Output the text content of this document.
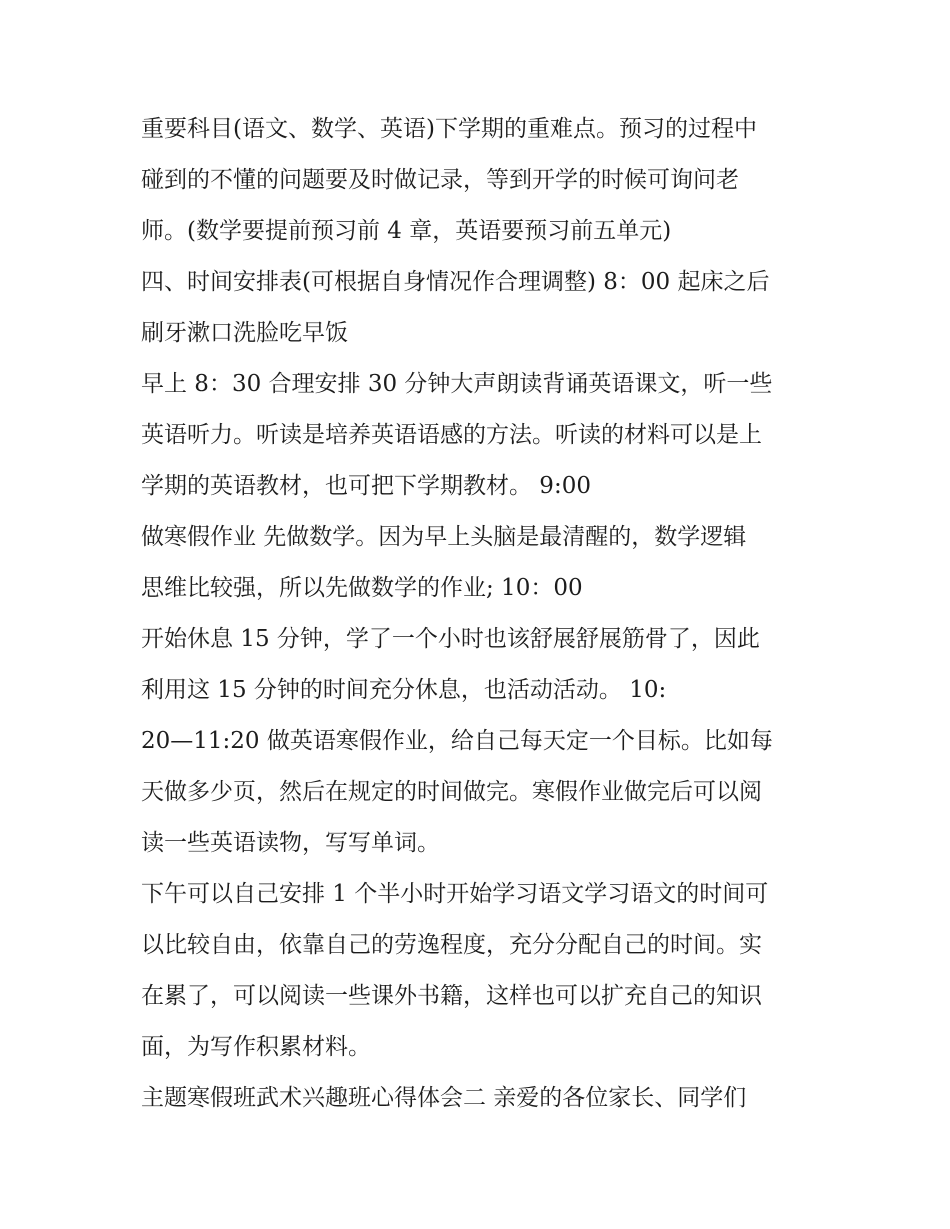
重要科目(语文、数学、英语)下学期的重难点。预习的过程中
碰到的不懂的问题要及时做记录，等到开学的时候可询问老
师。(数学要提前预习前 4 章，英语要预习前五单元)
四、时间安排表(可根据自身情况作合理调整) 8：00 起床之后
刷牙漱口洗脸吃早饭
早上 8：30 合理安排 30 分钟大声朗读背诵英语课文，听一些
英语听力。听读是培养英语语感的方法。听读的材料可以是上
学期的英语教材，也可把下学期教材。 9:00
做寒假作业 先做数学。因为早上头脑是最清醒的，数学逻辑
思维比较强，所以先做数学的作业; 10：00
开始休息 15 分钟，学了一个小时也该舒展舒展筋骨了，因此
利用这 15 分钟的时间充分休息，也活动活动。 10:
20—11:20 做英语寒假作业，给自己每天定一个目标。比如每
天做多少页，然后在规定的时间做完。寒假作业做完后可以阅
读一些英语读物，写写单词。
下午可以自己安排 1 个半小时开始学习语文学习语文的时间可
以比较自由，依靠自己的劳逸程度，充分分配自己的时间。实
在累了，可以阅读一些课外书籍，这样也可以扩充自己的知识
面，为写作积累材料。
主题寒假班武术兴趣班心得体会二 亲爱的各位家长、同学们
